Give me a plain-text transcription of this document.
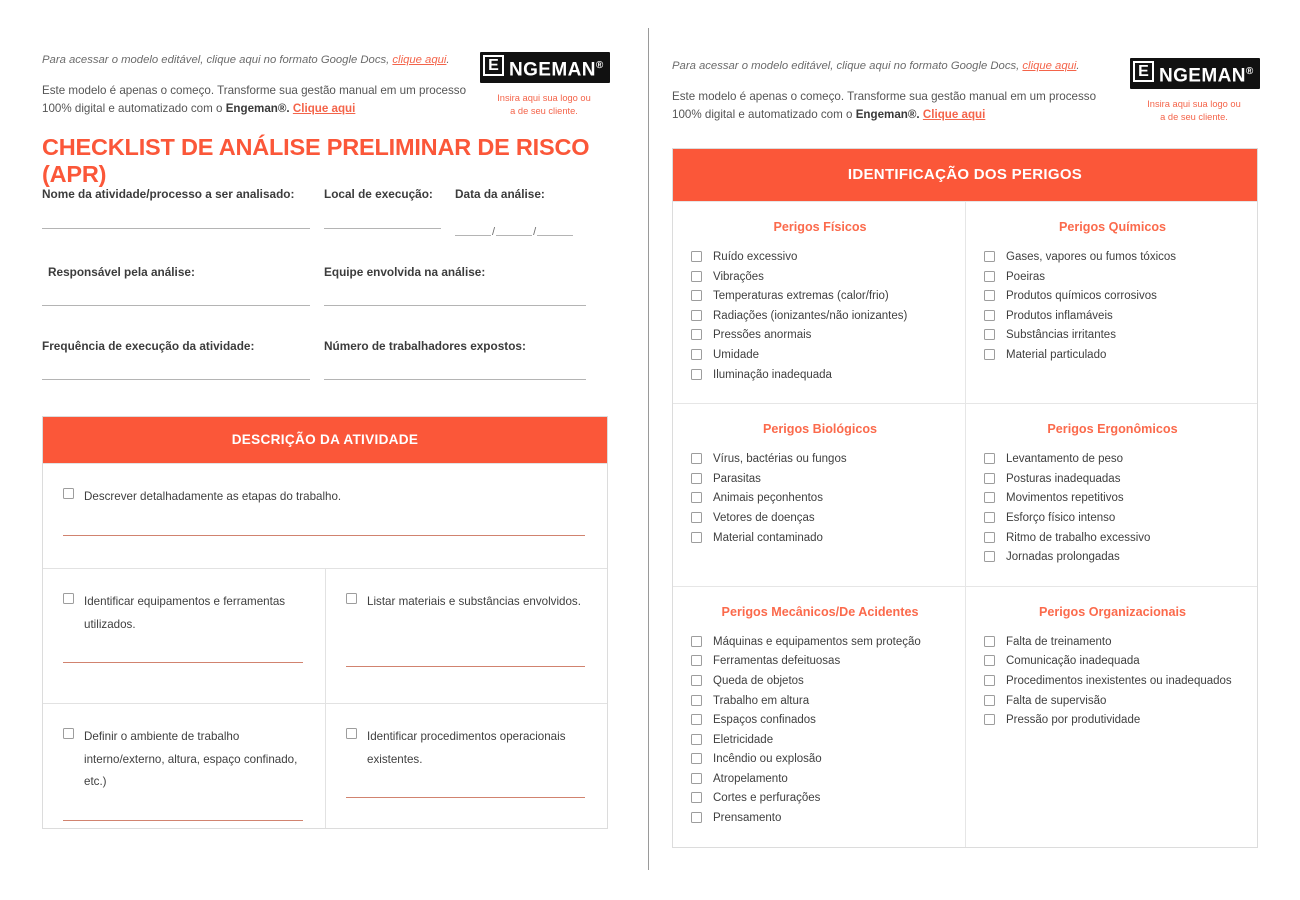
Para acessar o modelo editável, clique aqui no formato Google Docs, clique aqui.
Este modelo é apenas o começo. Transforme sua gestão manual em um processo
100% digital e automatizado com o Engeman®. Clique aqui
E NGEMAN®
Insira aqui sua logo ou
a de seu cliente.
CHECKLIST DE ANÁLISE PRELIMINAR DE RISCO (APR)
Nome da atividade/processo a ser analisado:	Local de execução:	Data da análise:
/	/
Responsável pela análise:	Equipe envolvida na análise:
Frequência de execução da atividade:	Número de trabalhadores expostos:
DESCRIÇÃO DA ATIVIDADE
Descrever detalhadamente as etapas do trabalho.
Identificar equipamentos e ferramentas utilizados.
Listar materiais e substâncias envolvidos.
Definir o ambiente de trabalho interno/externo, altura, espaço confinado, etc.)
Identificar procedimentos operacionais existentes.
Para acessar o modelo editável, clique aqui no formato Google Docs, clique aqui.
Este modelo é apenas o começo. Transforme sua gestão manual em um processo
100% digital e automatizado com o Engeman®. Clique aqui
E NGEMAN®
Insira aqui sua logo ou
a de seu cliente.
IDENTIFICAÇÃO DOS PERIGOS
Perigos Físicos
Ruído excessivo
Vibrações
Temperaturas extremas (calor/frio)
Radiações (ionizantes/não ionizantes)
Pressões anormais
Umidade
Iluminação inadequada
Perigos Químicos
Gases, vapores ou fumos tóxicos
Poeiras
Produtos químicos corrosivos
Produtos inflamáveis
Substâncias irritantes
Material particulado
Perigos Biológicos
Vírus, bactérias ou fungos
Parasitas
Animais peçonhentos
Vetores de doenças
Material contaminado
Perigos Ergonômicos
Levantamento de peso
Posturas inadequadas
Movimentos repetitivos
Esforço físico intenso
Ritmo de trabalho excessivo
Jornadas prolongadas
Perigos Mecânicos/De Acidentes
Máquinas e equipamentos sem proteção
Ferramentas defeituosas
Queda de objetos
Trabalho em altura
Espaços confinados
Eletricidade
Incêndio ou explosão
Atropelamento
Cortes e perfurações
Prensamento
Perigos Organizacionais
Falta de treinamento
Comunicação inadequada
Procedimentos inexistentes ou inadequados
Falta de supervisão
Pressão por produtividade
